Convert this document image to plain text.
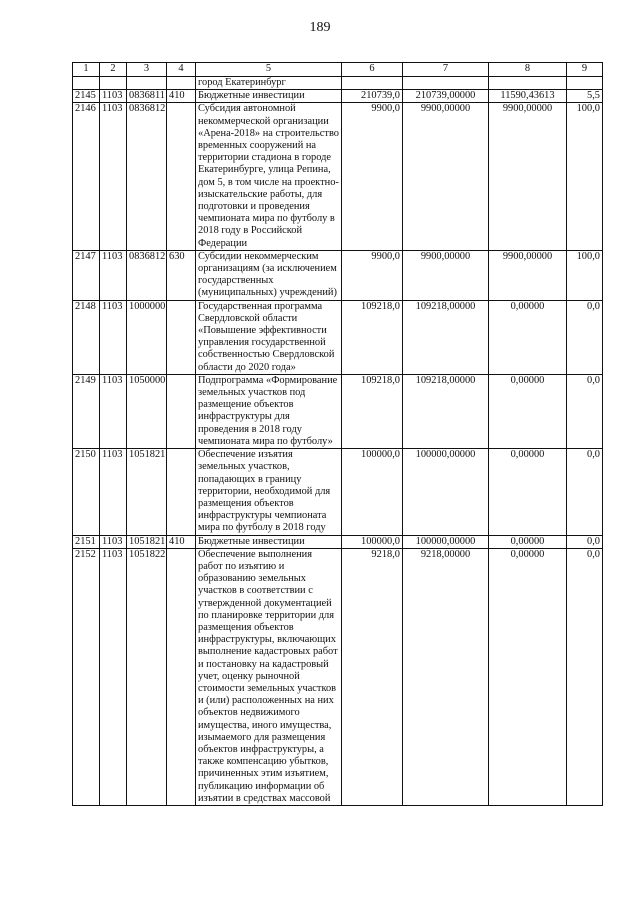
189
1	2	3	4	5	6	7	8	9
				город Екатеринбург				
2145	1103	0836811	410	Бюджетные инвестиции	210739,0	210739,00000	11590,43613	5,5
2146	1103	0836812		Субсидия автономной некоммерческой организации «Арена-2018» на строительство временных сооружений на территории стадиона в городе Екатеринбурге, улица Репина, дом 5, в том числе на проектно-изыскательские работы, для подготовки и проведения чемпионата мира по футболу в 2018 году в Российской Федерации	9900,0	9900,00000	9900,00000	100,0
2147	1103	0836812	630	Субсидии некоммерческим организациям (за исключением государственных (муниципальных) учреждений)	9900,0	9900,00000	9900,00000	100,0
2148	1103	1000000		Государственная программа Свердловской области «Повышение эффективности управления государственной собственностью Свердловской области до 2020 года»	109218,0	109218,00000	0,00000	0,0
2149	1103	1050000		Подпрограмма «Формирование земельных участков под размещение объектов инфраструктуры для проведения в 2018 году чемпионата мира по футболу»	109218,0	109218,00000	0,00000	0,0
2150	1103	1051821		Обеспечение изъятия земельных участков, попадающих в границу территории, необходимой для размещения объектов инфраструктуры чемпионата мира по футболу в 2018 году	100000,0	100000,00000	0,00000	0,0
2151	1103	1051821	410	Бюджетные инвестиции	100000,0	100000,00000	0,00000	0,0
2152	1103	1051822		Обеспечение выполнения работ по изъятию и образованию земельных участков в соответствии с утвержденной документацией по планировке территории для размещения объектов инфраструктуры, включающих выполнение кадастровых работ и постановку на кадастровый учет, оценку рыночной стоимости земельных участков и (или) расположенных на них объектов недвижимого имущества, иного имущества, изымаемого для размещения объектов инфраструктуры, а также компенсацию убытков, причиненных этим изъятием, публикацию информации об изъятии в средствах массовой	9218,0	9218,00000	0,00000	0,0
